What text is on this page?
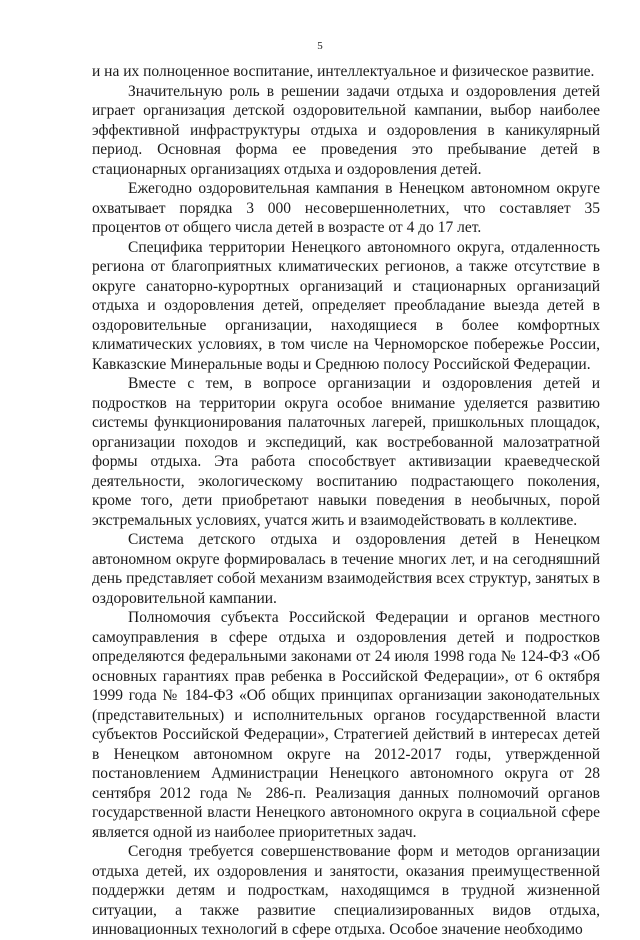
5

и на их полноценное воспитание, интеллектуальное и физическое развитие.

Значительную роль в решении задачи отдыха и оздоровления детей играет организация детской оздоровительной кампании, выбор наиболее эффективной инфраструктуры отдыха и оздоровления в каникулярный период. Основная форма ее проведения это пребывание детей в стационарных организациях отдыха и оздоровления детей.

Ежегодно оздоровительная кампания в Ненецком автономном округе охватывает порядка 3 000 несовершеннолетних, что составляет 35 процентов от общего числа детей в возрасте от 4 до 17 лет.

Специфика территории Ненецкого автономного округа, отдаленность региона от благоприятных климатических регионов, а также отсутствие в округе санаторно-курортных организаций и стационарных организаций отдыха и оздоровления детей, определяет преобладание выезда детей в оздоровительные организации, находящиеся в более комфортных климатических условиях, в том числе на Черноморское побережье России, Кавказские Минеральные воды и Среднюю полосу Российской Федерации.

Вместе с тем, в вопросе организации и оздоровления детей и подростков на территории округа особое внимание уделяется развитию системы функционирования палаточных лагерей, пришкольных площадок, организации походов и экспедиций, как востребованной малозатратной формы отдыха. Эта работа способствует активизации краеведческой деятельности, экологическому воспитанию подрастающего поколения, кроме того, дети приобретают навыки поведения в необычных, порой экстремальных условиях, учатся жить и взаимодействовать в коллективе.

Система детского отдыха и оздоровления детей в Ненецком автономном округе формировалась в течение многих лет, и на сегодняшний день представляет собой механизм взаимодействия всех структур, занятых в оздоровительной кампании.

Полномочия субъекта Российской Федерации и органов местного самоуправления в сфере отдыха и оздоровления детей и подростков определяются федеральными законами от 24 июля 1998 года № 124-ФЗ «Об основных гарантиях прав ребенка в Российской Федерации», от 6 октября 1999 года № 184-ФЗ «Об общих принципах организации законодательных (представительных) и исполнительных органов государственной власти субъектов Российской Федерации», Стратегией действий в интересах детей в Ненецком автономном округе на 2012-2017 годы, утвержденной постановлением Администрации Ненецкого автономного округа от 28 сентября 2012 года № 286-п. Реализация данных полномочий органов государственной власти Ненецкого автономного округа в социальной сфере является одной из наиболее приоритетных задач.

Сегодня требуется совершенствование форм и методов организации отдыха детей, их оздоровления и занятости, оказания преимущественной поддержки детям и подросткам, находящимся в трудной жизненной ситуации, а также развитие специализированных видов отдыха, инновационных технологий в сфере отдыха. Особое значение необходимо
